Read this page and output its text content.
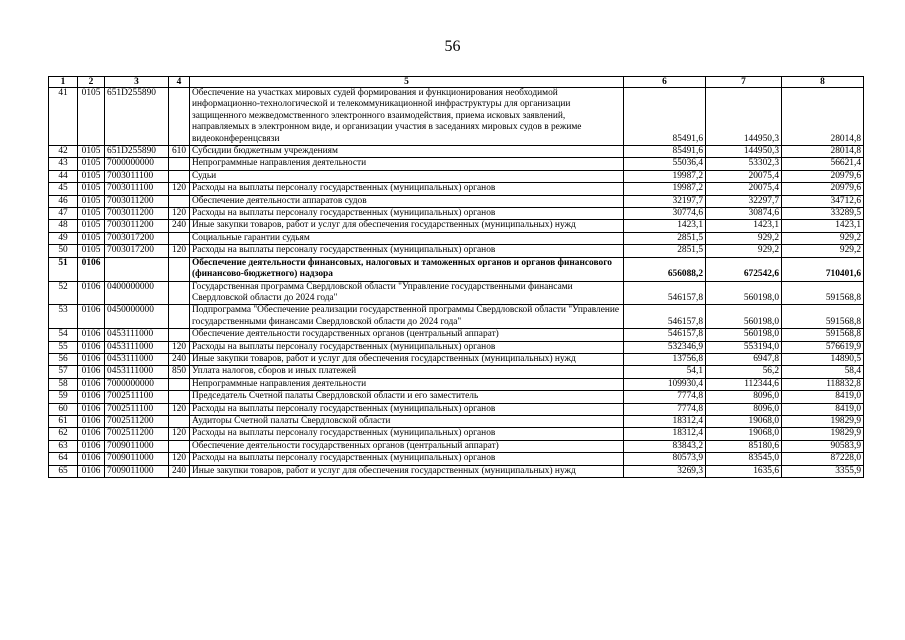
56
1	2	3	4	5	6	7	8
41	0105	651D255890		Обеспечение на участках мировых судей формирования и функционирования необходимой информационно-технологической и телекоммуникационной инфраструктуры для организации защищенного межведомственного электронного взаимодействия, приема исковых заявлений, направляемых в электронном виде, и организации участия в заседаниях мировых судов в режиме видеоконференцсвязи	85491,6	144950,3	28014,8
42	0105	651D255890	610	Субсидии бюджетным учреждениям	85491,6	144950,3	28014,8
43	0105	7000000000		Непрограммные направления деятельности	55036,4	53302,3	56621,4
44	0105	7003011100		Судьи	19987,2	20075,4	20979,6
45	0105	7003011100	120	Расходы на выплаты персоналу государственных (муниципальных) органов	19987,2	20075,4	20979,6
46	0105	7003011200		Обеспечение деятельности аппаратов судов	32197,7	32297,7	34712,6
47	0105	7003011200	120	Расходы на выплаты персоналу государственных (муниципальных) органов	30774,6	30874,6	33289,5
48	0105	7003011200	240	Иные закупки товаров, работ и услуг для обеспечения государственных (муниципальных) нужд	1423,1	1423,1	1423,1
49	0105	7003017200		Социальные гарантии судьям	2851,5	929,2	929,2
50	0105	7003017200	120	Расходы на выплаты персоналу государственных (муниципальных) органов	2851,5	929,2	929,2
51	0106			Обеспечение деятельности финансовых, налоговых и таможенных органов и органов финансового (финансово-бюджетного) надзора	656088,2	672542,6	710401,6
52	0106	0400000000		Государственная программа Свердловской области "Управление государственными финансами Свердловской области до 2024 года"	546157,8	560198,0	591568,8
53	0106	0450000000		Подпрограмма "Обеспечение реализации государственной программы Свердловской области "Управление государственными финансами Свердловской области до 2024 года"	546157,8	560198,0	591568,8
54	0106	0453111000		Обеспечение деятельности государственных органов (центральный аппарат)	546157,8	560198,0	591568,8
55	0106	0453111000	120	Расходы на выплаты персоналу государственных (муниципальных) органов	532346,9	553194,0	576619,9
56	0106	0453111000	240	Иные закупки товаров, работ и услуг для обеспечения государственных (муниципальных) нужд	13756,8	6947,8	14890,5
57	0106	0453111000	850	Уплата налогов, сборов и иных платежей	54,1	56,2	58,4
58	0106	7000000000		Непрограммные направления деятельности	109930,4	112344,6	118832,8
59	0106	7002511100		Председатель Счетной палаты Свердловской области и его заместитель	7774,8	8096,0	8419,0
60	0106	7002511100	120	Расходы на выплаты персоналу государственных (муниципальных) органов	7774,8	8096,0	8419,0
61	0106	7002511200		Аудиторы Счетной палаты Свердловской области	18312,4	19068,0	19829,9
62	0106	7002511200	120	Расходы на выплаты персоналу государственных (муниципальных) органов	18312,4	19068,0	19829,9
63	0106	7009011000		Обеспечение деятельности государственных органов (центральный аппарат)	83843,2	85180,6	90583,9
64	0106	7009011000	120	Расходы на выплаты персоналу государственных (муниципальных) органов	80573,9	83545,0	87228,0
65	0106	7009011000	240	Иные закупки товаров, работ и услуг для обеспечения государственных (муниципальных) нужд	3269,3	1635,6	3355,9
